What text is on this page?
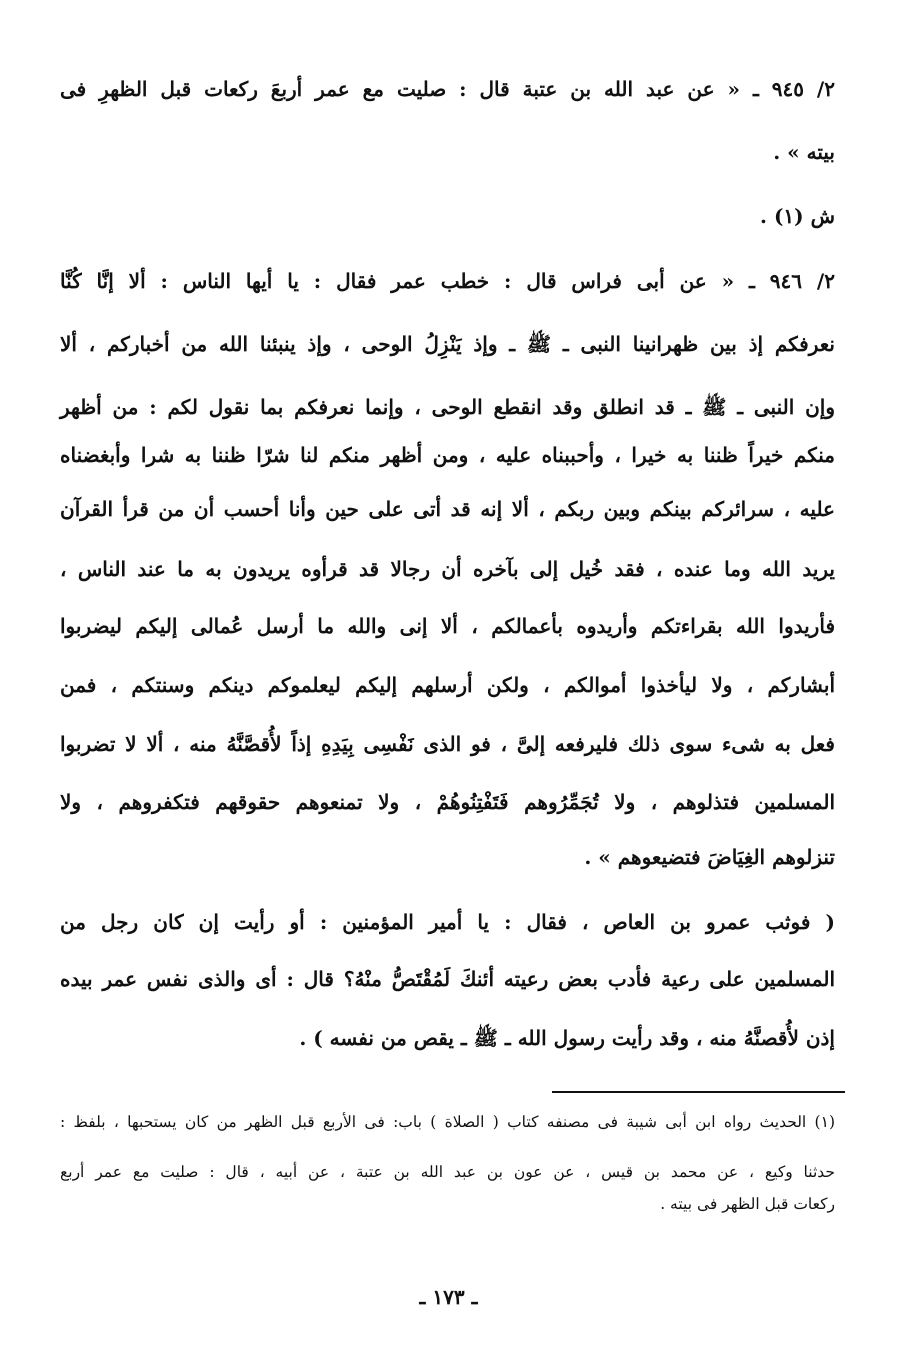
٢/ ٩٤٥ ـ « عن عبد الله بن عتبة قال : صليت مع عمر أربعَ ركعات قبل الظهرِ فى
بيته » .
ش (١) .
٢/ ٩٤٦ ـ « عن أبى فراس قال : خطب عمر فقال : يا أيها الناس : ألا إنَّا كُنَّا
نعرفكم إذ بين ظهرانينا النبى ـ ﷺ ـ وإذ يَنْزِلُ الوحى ، وإذ ينبئنا الله من أخباركم ، ألا
وإن النبى ـ ﷺ ـ قد انطلق وقد انقطع الوحى ، وإنما نعرفكم بما نقول لكم : من أظهر
منكم خيراً ظننا به خيرا ، وأحببناه عليه ، ومن أظهر منكم لنا شرّا ظننا به شرا وأبغضناه
عليه ، سرائركم بينكم وبين ربكم ، ألا إنه قد أتى على حين وأنا أحسب أن من قرأ القرآن
يريد الله وما عنده ، فقد خُيل إلى بآخره أن رجالا قد قرأوه يريدون به ما عند الناس ،
فأريدوا الله بقراءتكم وأريدوه بأعمالكم ، ألا إنى والله ما أرسل عُمالى إليكم ليضربوا
أبشاركم ، ولا ليأخذوا أموالكم ، ولكن أرسلهم إليكم ليعلموكم دينكم وسنتكم ، فمن
فعل به شىء سوى ذلك فليرفعه إلىَّ ، فو الذى نَفْسِى بِيَدِهِ إذاً لأُقصَّنَّهُ منه ، ألا لا تضربوا
المسلمين فتذلوهم ، ولا تُجَمِّرُوهم فَتَفْتِنُوهُمْ ، ولا تمنعوهم حقوقهم فتكفروهم ، ولا
تنزلوهم الغِيَاضَ فتضيعوهم » .
( فوثب عمرو بن العاص ، فقال : يا أمير المؤمنين : أو رأيت إن كان رجل من
المسلمين على رعية فأدب بعض رعيته أئنكَ لَمُقْتَصُّ منْهُ؟ قال : أى والذى نفس عمر بيده
إذن لأُقصنَّهُ منه ، وقد رأيت رسول الله ـ ﷺ ـ يقص من نفسه ) .
(١) الحديث رواه ابن أبى شيبة فى مصنفه كتاب ( الصلاة ) باب: فى الأربع قبل الظهر من كان يستحبها ، بلفظ :
حدثنا وكيع ، عن محمد بن قيس ، عن عون بن عبد الله بن عتبة ، عن أبيه ، قال : صليت مع عمر أربع
ركعات قبل الظهر فى بيته .
ـ ١٧٣ ـ
